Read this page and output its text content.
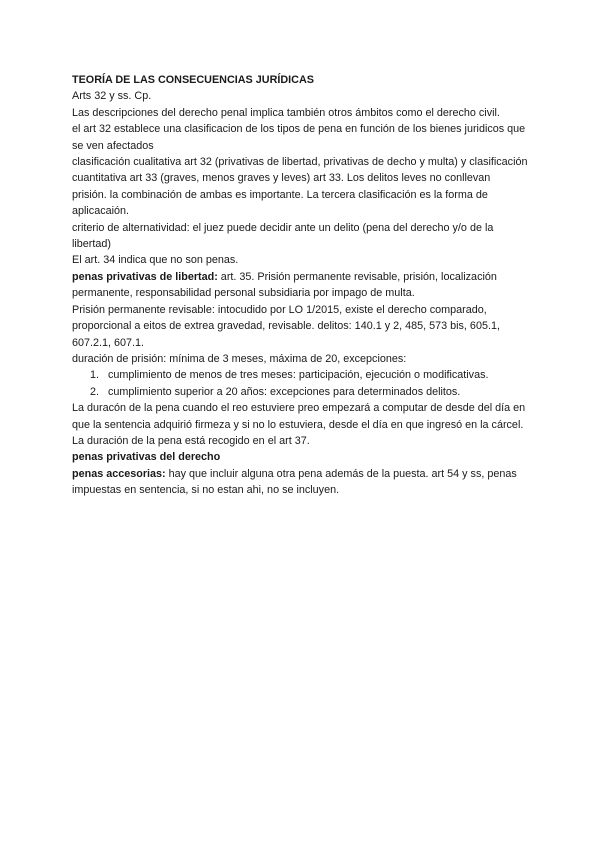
TEORÍA DE LAS CONSECUENCIAS JURÍDICAS

Arts 32 y ss. Cp.

Las descripciones del derecho penal implica también otros ámbitos como el derecho civil.

el art 32 establece una clasificacion de los tipos de pena en función de los bienes juridicos que se ven afectados

clasificación cualitativa art 32 (privativas de libertad, privativas de decho y multa) y clasificación cuantitativa art 33 (graves, menos graves y leves) art 33. Los delitos leves no conllevan prisión. la combinación de ambas es importante. La tercera clasificación es la forma de aplicacaión.

criterio de alternatividad: el juez puede decidir ante un delito (pena del derecho y/o de la libertad)

El art. 34 indica que no son penas.

penas privativas de libertad: art. 35. Prisión permanente revisable, prisión, localización permanente, responsabilidad personal subsidiaria por impago de multa.

Prisión permanente revisable: intocudido por LO 1/2015, existe el derecho comparado, proporcional a eitos de extrea gravedad, revisable. delitos: 140.1 y 2, 485, 573 bis, 605.1, 607.2.1, 607.1.

duración de prisión: mínima de 3 meses, máxima de 20, excepciones:

1. cumplimiento de menos de tres meses: participación, ejecución o modificativas.
2. cumplimiento superior a 20 años: excepciones para determinados delitos.

La duracón de la pena cuando el reo estuviere preo empezará a computar de desde del día en que la sentencia adquirió firmeza y si no lo estuviera, desde el día en que ingresó en la cárcel. La duración de la pena está recogido en el art 37.

penas privativas del derecho

penas accesorias: hay que incluir alguna otra pena además de la puesta. art 54 y ss, penas impuestas en sentencia, si no estan ahi, no se incluyen.
